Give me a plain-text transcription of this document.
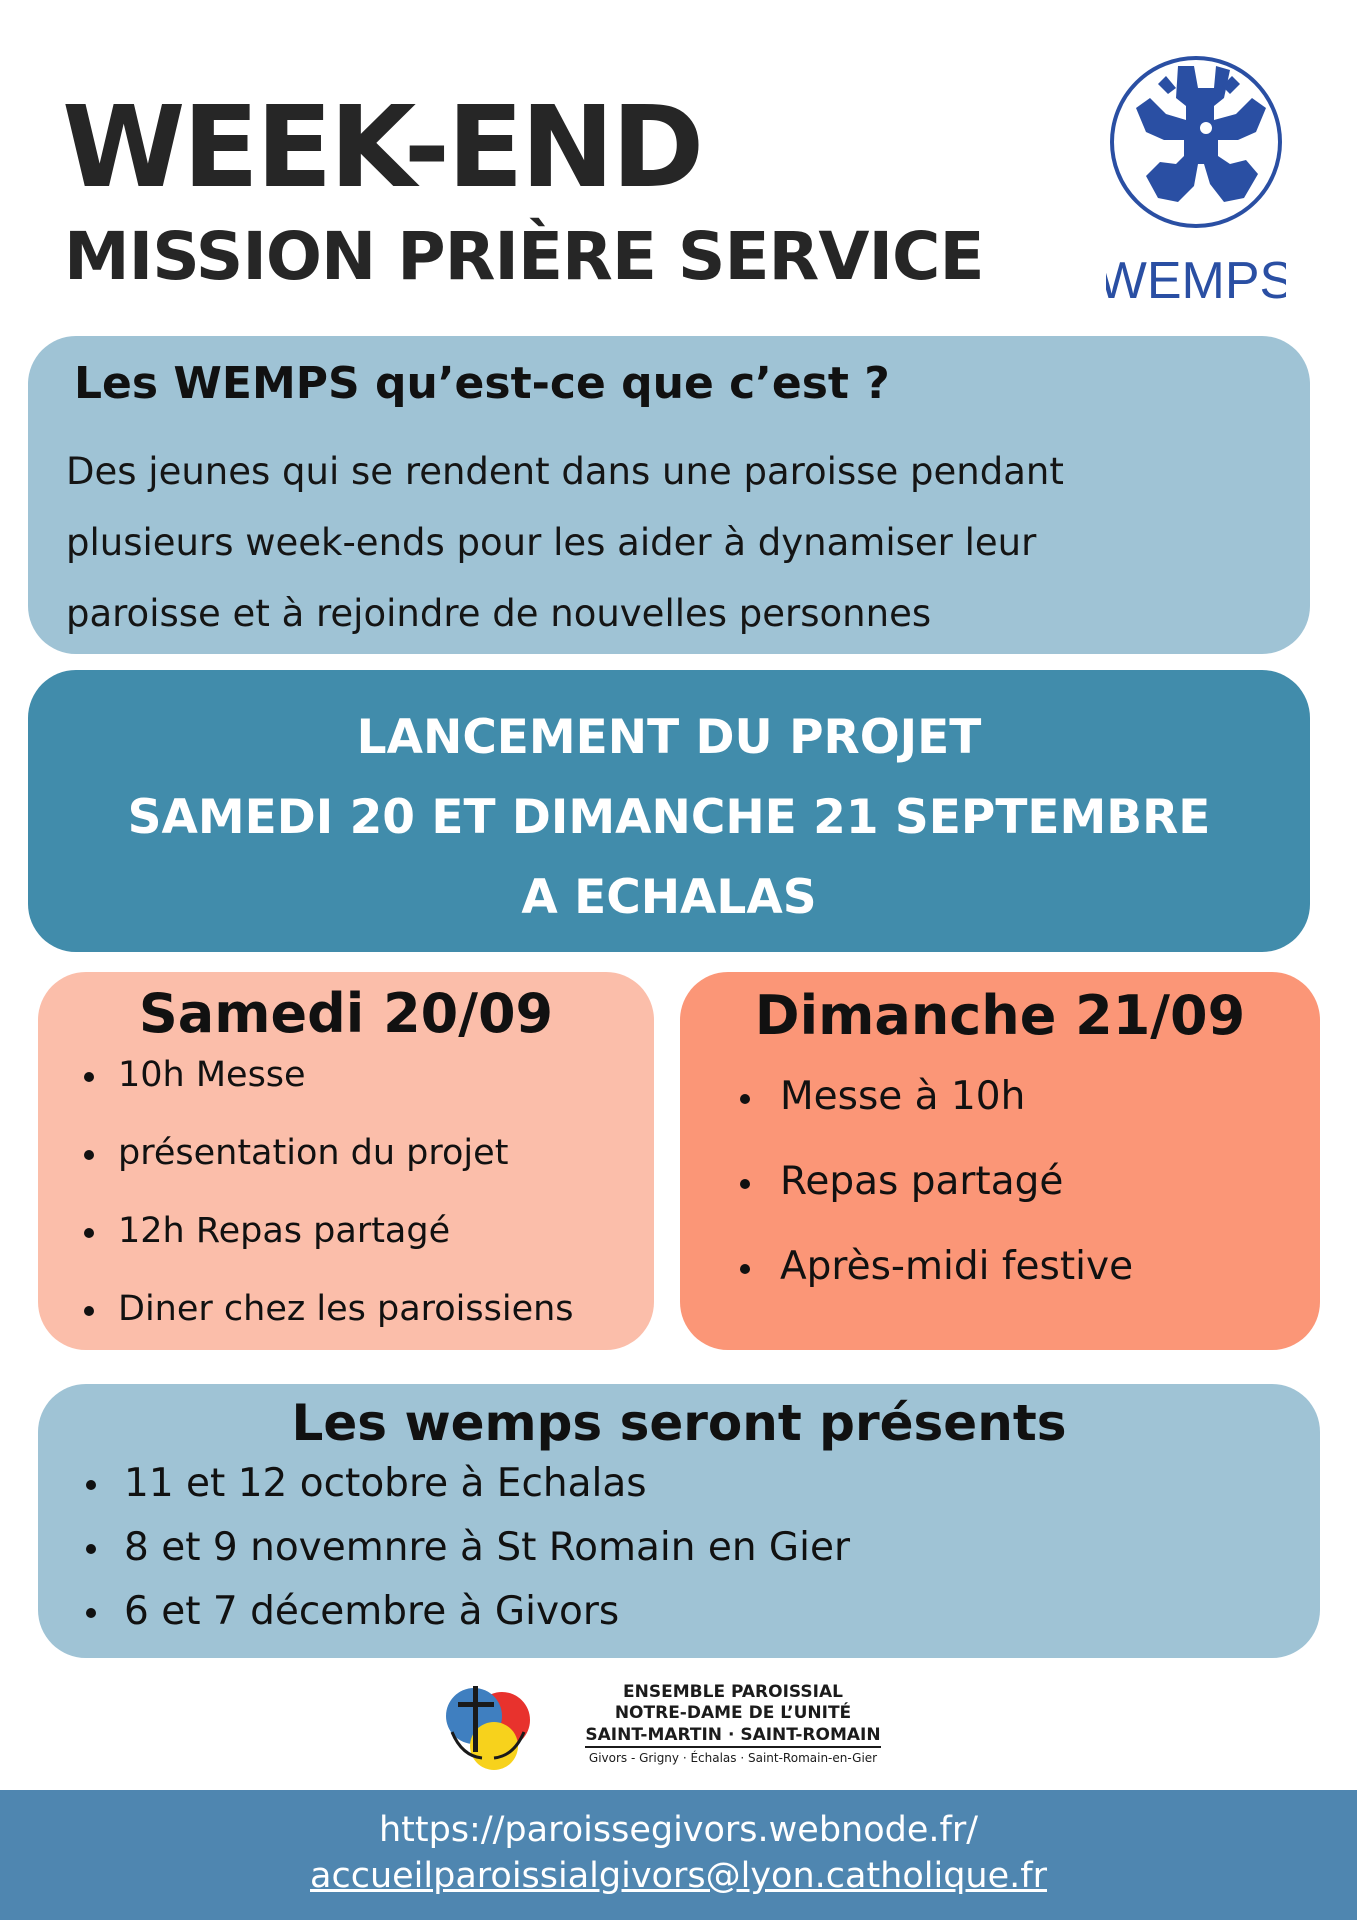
WEEK-END
MISSION PRIÈRE SERVICE WEMPS
Les WEMPS qu’est-ce que c’est ?
Des jeunes qui se rendent dans une paroisse pendant
plusieurs week-ends pour les aider à dynamiser leur
paroisse et à rejoindre de nouvelles personnes
LANCEMENT DU PROJET
SAMEDI 20 ET DIMANCHE 21 SEPTEMBRE
A ECHALAS
Samedi 20/09
10h Messe
présentation du projet
12h Repas partagé
Diner chez les paroissiens
Dimanche 21/09
Messe à 10h
Repas partagé
Après-midi festive
Les wemps seront présents
11 et 12 octobre à Echalas
8 et 9 novemnre à St Romain en Gier
6 et 7 décembre à Givors
ENSEMBLE PAROISSIAL
NOTRE-DAME DE L’UNITÉ
SAINT-MARTIN · SAINT-ROMAIN
Givors - Grigny · Échalas · Saint-Romain-en-Gier
https://paroissegivors.webnode.fr/
accueilparoissialgivors@lyon.catholique.fr
